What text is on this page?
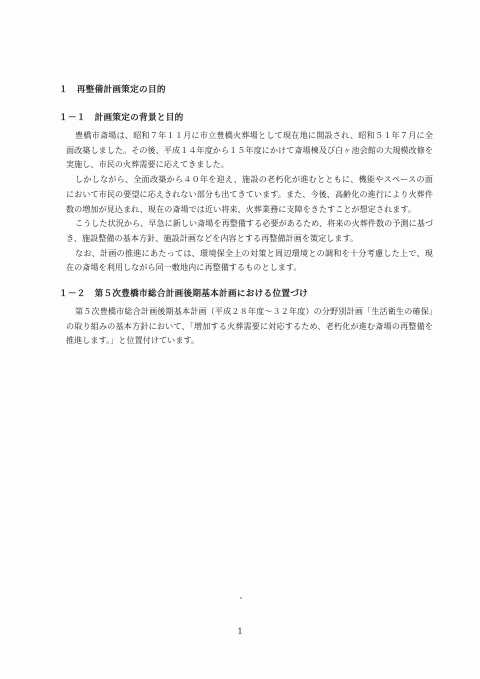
１　再整備計画策定の目的
１－１　計画策定の背景と目的

豊橋市斎場は、昭和７年１１月に市立豊橋火葬場として現在地に開設され、昭和５１年７月に全面改築しました。その後、平成１４年度から１５年度にかけて斎場棟及び白ヶ池会館の大規模改修を実施し、市民の火葬需要に応えてきました。

しかしながら、全面改築から４０年を迎え、施設の老朽化が進むとともに、機能やスペースの面において市民の要望に応えきれない部分も出てきています。また、今後、高齢化の進行により火葬件数の増加が見込まれ、現在の斎場では近い将来、火葬業務に支障をきたすことが想定されます。

こうした状況から、早急に新しい斎場を再整備する必要があるため、将来の火葬件数の予測に基づき、施設整備の基本方針、施設計画などを内容とする再整備計画を策定します。

なお、計画の推進にあたっては、環境保全上の対策と周辺環境との調和を十分考慮した上で、現在の斎場を利用しながら同一敷地内に再整備するものとします。

１－２　第５次豊橋市総合計画後期基本計画における位置づけ

第５次豊橋市総合計画後期基本計画（平成２８年度～３２年度）の分野別計画「生活衛生の確保」の取り組みの基本方針において、「増加する火葬需要に対応するため、老朽化が進む斎場の再整備を推進します。」と位置付けています。

1
